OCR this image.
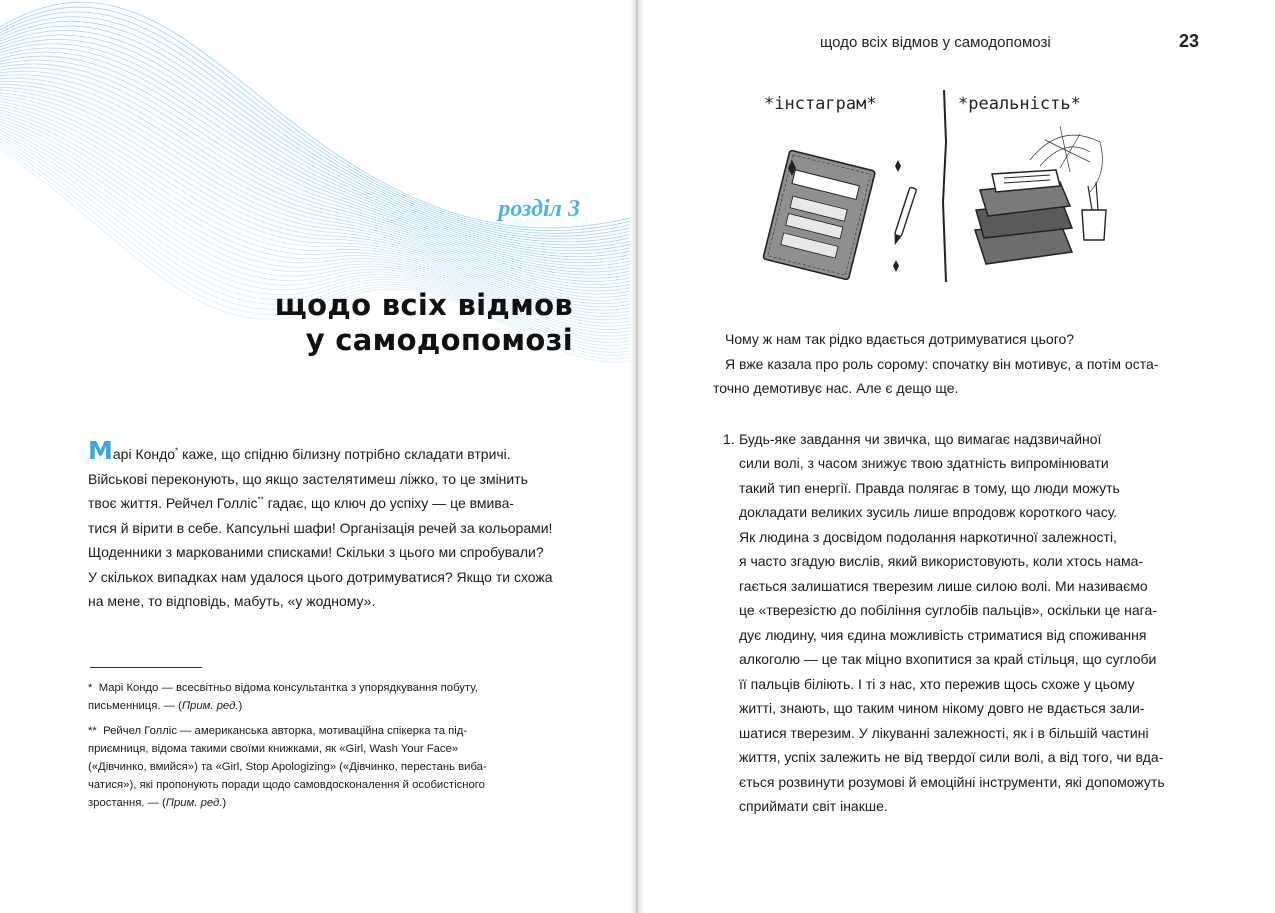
розділ 3
щодо всіх відмов
у самодопомозі

Марі Кондо* каже, що спідню білизну потрібно складати втричі.

Військові переконують, що якщо застелятимеш ліжко, то це змінить

твоє життя. Рейчел Голліс** гадає, що ключ до успіху — це вмива-

тися й вірити в себе. Капсульні шафи! Організація речей за кольорами!

Щоденники з маркованими списками! Скільки з цього ми спробували?

У скількох випадках нам удалося цього дотримуватися? Якщо ти схожа

на мене, то відповідь, мабуть, «у жодному».

* Марі Кондо — всесвітньо відома консультантка з упорядкування побуту,
письменниця. — (Прим. ред.)
** Рейчел Голліс — американська авторка, мотиваційна спікерка та під-
приємниця, відома такими своїми книжками, як «Girl, Wash Your Face»
(«Дівчинко, вмийся») та «Girl, Stop Apologizing» («Дівчинко, перестань виба-
чатися»), які пропонують поради щодо самовдосконалення й особистісного
зростання. — (Прим. ред.)
щодо всіх відмов у самодопомозі	23
*інстаграм*	*реальність*

Чому ж нам так рідко вдається дотримуватися цього?

Я вже казала про роль сорому: спочатку він мотивує, а потім оста-

точно демотивує нас. Але є дещо ще.

1. Будь-яке завдання чи звичка, що вимагає надзвичайної

сили волі, з часом знижує твою здатність випромінювати

такий тип енергії. Правда полягає в тому, що люди можуть

докладати великих зусиль лише впродовж короткого часу.

Як людина з досвідом подолання наркотичної залежності,

я часто згадую вислів, який використовують, коли хтось нама-

гається залишатися тверезим лише силою волі. Ми називаємо

це «тверезістю до побіління суглобів пальців», оскільки це нага-

дує людину, чия єдина можливість стриматися від споживання

алкоголю — це так міцно вхопитися за край стільця, що суглоби

її пальців біліють. І ті з нас, хто пережив щось схоже у цьому

житті, знають, що таким чином нікому довго не вдається зали-

шатися тверезим. У лікуванні залежності, як і в більшій частині

життя, успіх залежить не від твердої сили волі, а від того, чи вда-

ється розвинути розумові й емоційні інструменти, які допоможуть

сприймати світ інакше.
